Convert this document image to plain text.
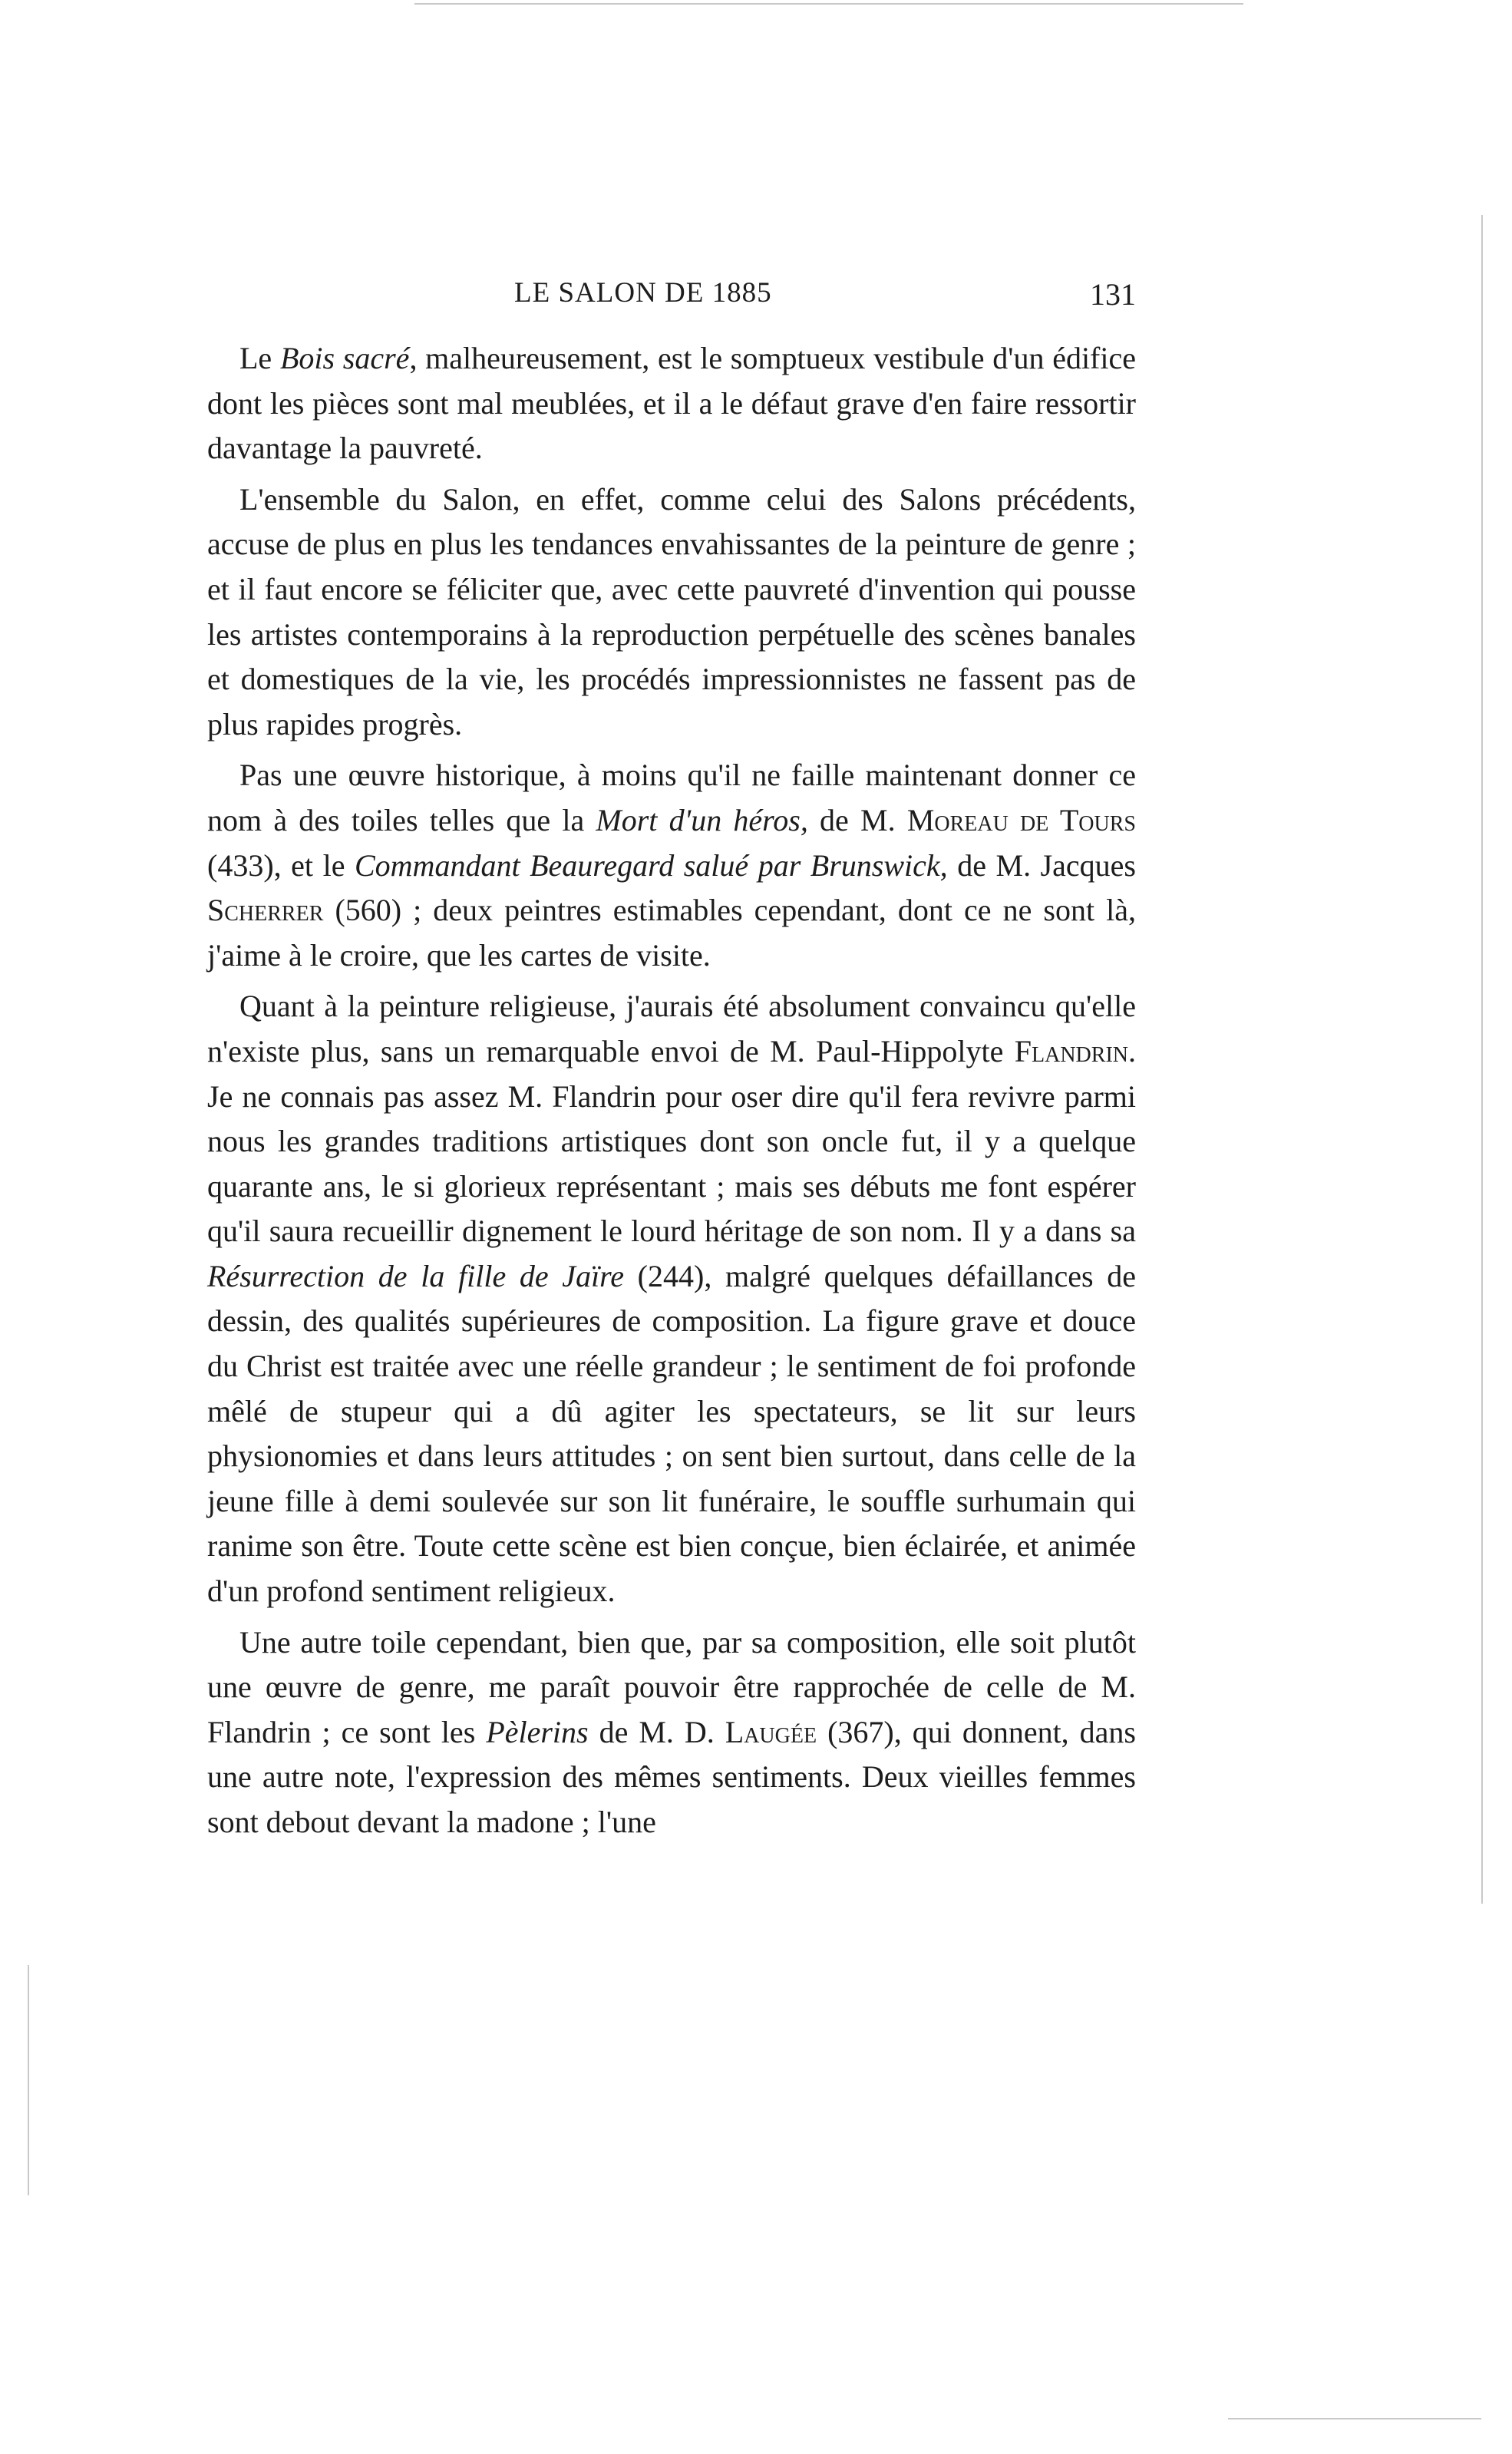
LE SALON DE 1885	131

Le Bois sacré, malheureusement, est le somptueux vestibule d'un édifice dont les pièces sont mal meublées, et il a le défaut grave d'en faire ressortir davantage la pauvreté.

L'ensemble du Salon, en effet, comme celui des Salons précédents, accuse de plus en plus les tendances envahissantes de la peinture de genre ; et il faut encore se féliciter que, avec cette pauvreté d'invention qui pousse les artistes contemporains à la reproduction perpétuelle des scènes banales et domestiques de la vie, les procédés impressionnistes ne fassent pas de plus rapides progrès.

Pas une œuvre historique, à moins qu'il ne faille maintenant donner ce nom à des toiles telles que la Mort d'un héros, de M. Moreau de Tours (433), et le Commandant Beauregard salué par Brunswick, de M. Jacques Scherrer (560) ; deux peintres estimables cependant, dont ce ne sont là, j'aime à le croire, que les cartes de visite.

Quant à la peinture religieuse, j'aurais été absolument convaincu qu'elle n'existe plus, sans un remarquable envoi de M. Paul-Hippolyte Flandrin. Je ne connais pas assez M. Flandrin pour oser dire qu'il fera revivre parmi nous les grandes traditions artistiques dont son oncle fut, il y a quelque quarante ans, le si glorieux représentant ; mais ses débuts me font espérer qu'il saura recueillir dignement le lourd héritage de son nom. Il y a dans sa Résurrection de la fille de Jaïre (244), malgré quelques défaillances de dessin, des qualités supérieures de composition. La figure grave et douce du Christ est traitée avec une réelle grandeur ; le sentiment de foi profonde mêlé de stupeur qui a dû agiter les spectateurs, se lit sur leurs physionomies et dans leurs attitudes ; on sent bien surtout, dans celle de la jeune fille à demi soulevée sur son lit funéraire, le souffle surhumain qui ranime son être. Toute cette scène est bien conçue, bien éclairée, et animée d'un profond sentiment religieux.

Une autre toile cependant, bien que, par sa composition, elle soit plutôt une œuvre de genre, me paraît pouvoir être rapprochée de celle de M. Flandrin ; ce sont les Pèlerins de M. D. Laugée (367), qui donnent, dans une autre note, l'expression des mêmes sentiments. Deux vieilles femmes sont debout devant la madone ; l'une
